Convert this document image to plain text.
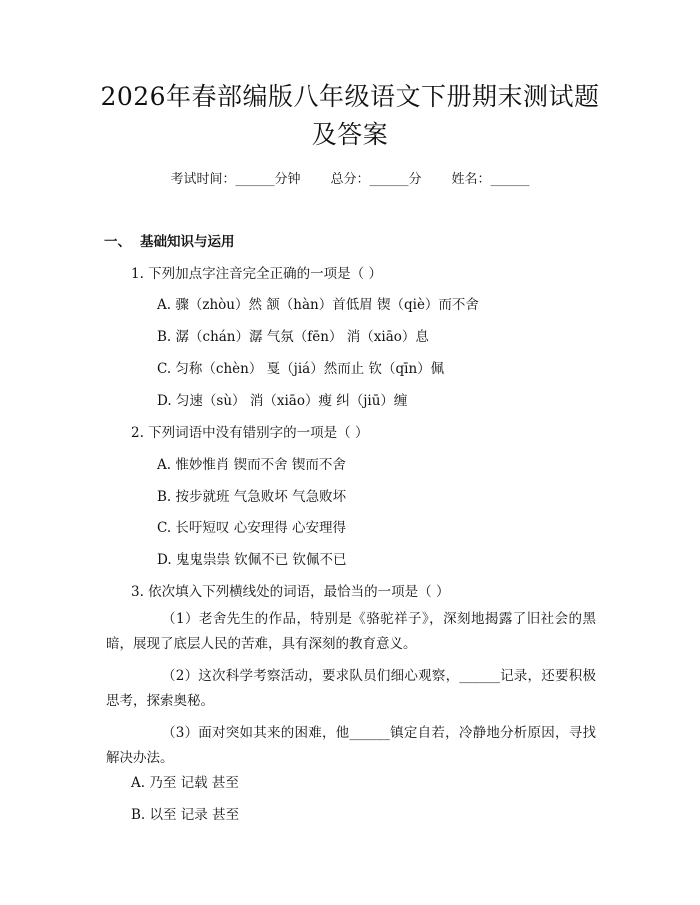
2026年春部编版八年级语文下册期末测试题及答案
考试时间：______分钟 总分：______分 姓名：______
一、 基础知识与运用
1. 下列加点字注音完全正确的一项是（ ）
A. 骤（zhòu）然 颔（hàn）首低眉 锲（qiè）而不舍
B. 潺（chán）潺 气氛（fēn） 消（xiāo）息
C. 匀称（chèn） 戛（jiá）然而止 钦（qīn）佩
D. 匀速（sù） 消（xiāo）瘦 纠（jiū）缠
2. 下列词语中没有错别字的一项是（ ）
A. 惟妙惟肖 锲而不舍 锲而不舍
B. 按步就班 气急败坏 气急败坏
C. 长吁短叹 心安理得 心安理得
D. 鬼鬼祟祟 钦佩不已 钦佩不已
3. 依次填入下列横线处的词语，最恰当的一项是（ ）
（1）老舍先生的作品，特别是《骆驼祥子》，深刻地揭露了旧社会的黑暗，展现了底层人民的苦难，具有深刻的教育意义。
（2）这次科学考察活动，要求队员们细心观察，______记录，还要积极思考，探索奥秘。
（3）面对突如其来的困难，他______镇定自若，冷静地分析原因，寻找解决办法。
A. 乃至 记载 甚至
B. 以至 记录 甚至
